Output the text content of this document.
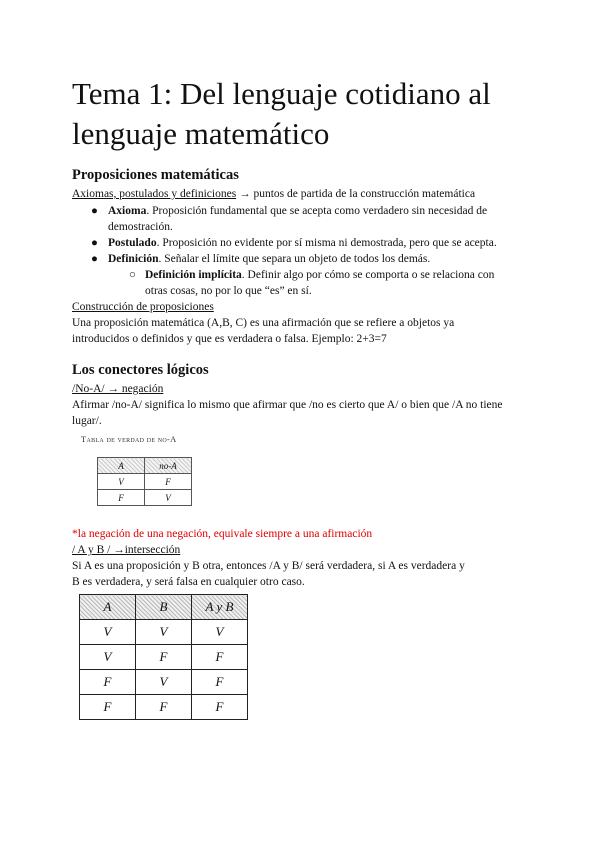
Tema 1: Del lenguaje cotidiano al lenguaje matemático
Proposiciones matemáticas
Axiomas, postulados y definiciones → puntos de partida de la construcción matemática
● Axioma. Proposición fundamental que se acepta como verdadero sin necesidad de
demostración.
● Postulado. Proposición no evidente por sí misma ni demostrada, pero que se acepta.
● Definición. Señalar el límite que separa un objeto de todos los demás.
○ Definición implícita. Definir algo por cómo se comporta o se relaciona con
otras cosas, no por lo que “es” en sí.
Construcción de proposiciones
Una proposición matemática (A,B, C) es una afirmación que se refiere a objetos ya
introducidos o definidos y que es verdadera o falsa. Ejemplo: 2+3=7
Los conectores lógicos
/No-A/ → negación
Afirmar /no-A/ significa lo mismo que afirmar que /no es cierto que A/ o bien que /A no tiene
lugar/.
Tabla de verdad de no-A
A	no-A
V	F
F	V
*la negación de una negación, equivale siempre a una afirmación
/ A y B / →intersección
Si A es una proposición y B otra, entonces /A y B/ será verdadera, si A es verdadera y
B es verdadera, y será falsa en cualquier otro caso.
A	B	A y B
V	V	V
V	F	F
F	V	F
F	F	F
